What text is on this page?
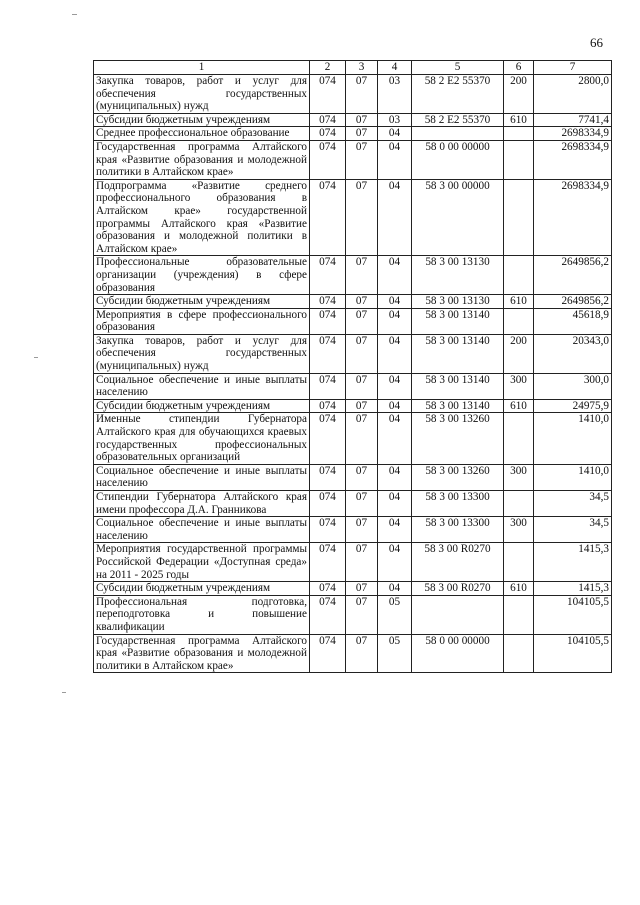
66
1	2	3	4	5	6	7
Закупка товаров, работ и услуг для обеспечения государственных (муниципальных) нужд	074	07	03	58 2 E2 55370	200	2800,0
Субсидии бюджетным учреждениям	074	07	03	58 2 E2 55370	610	7741,4
Среднее профессиональное образование	074	07	04			2698334,9
Государственная программа Алтайского края «Развитие образования и молодежной политики в Алтайском крае»	074	07	04	58 0 00 00000		2698334,9
Подпрограмма «Развитие среднего профессионального образования в Алтайском крае» государственной программы Алтайского края «Развитие образования и молодежной политики в Алтайском крае»	074	07	04	58 3 00 00000		2698334,9
Профессиональные образовательные организации (учреждения) в сфере образования	074	07	04	58 3 00 13130		2649856,2
Субсидии бюджетным учреждениям	074	07	04	58 3 00 13130	610	2649856,2
Мероприятия в сфере профессионального образования	074	07	04	58 3 00 13140		45618,9
Закупка товаров, работ и услуг для обеспечения государственных (муниципальных) нужд	074	07	04	58 3 00 13140	200	20343,0
Социальное обеспечение и иные выплаты населению	074	07	04	58 3 00 13140	300	300,0
Субсидии бюджетным учреждениям	074	07	04	58 3 00 13140	610	24975,9
Именные стипендии Губернатора Алтайского края для обучающихся краевых государственных профессиональных образовательных организаций	074	07	04	58 3 00 13260		1410,0
Социальное обеспечение и иные выплаты населению	074	07	04	58 3 00 13260	300	1410,0
Стипендии Губернатора Алтайского края имени профессора Д.А. Гранникова	074	07	04	58 3 00 13300		34,5
Социальное обеспечение и иные выплаты населению	074	07	04	58 3 00 13300	300	34,5
Мероприятия государственной программы Российской Федерации «Доступная среда» на 2011 - 2025 годы	074	07	04	58 3 00 R0270		1415,3
Субсидии бюджетным учреждениям	074	07	04	58 3 00 R0270	610	1415,3
Профессиональная подготовка, переподготовка и повышение квалификации	074	07	05			104105,5
Государственная программа Алтайского края «Развитие образования и молодежной политики в Алтайском крае»	074	07	05	58 0 00 00000		104105,5
